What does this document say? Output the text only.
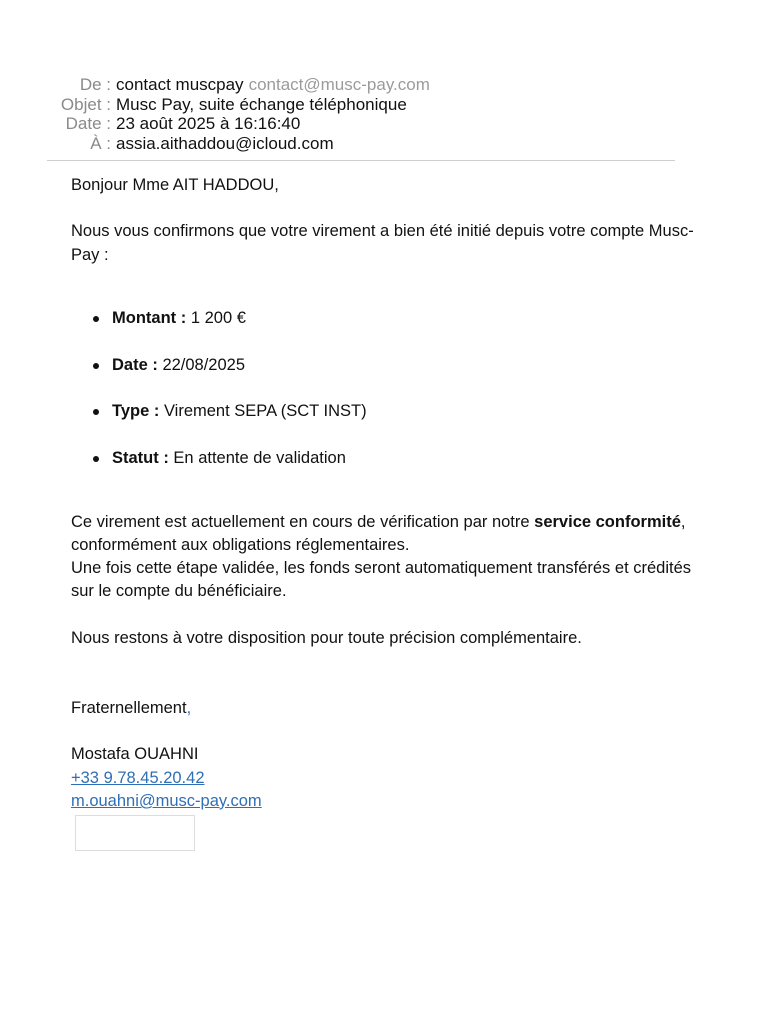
De : contact muscpay contact@musc-pay.com
Objet : Musc Pay, suite échange téléphonique
Date : 23 août 2025 à 16:16:40
À : assia.aithaddou@icloud.com

Bonjour Mme AIT HADDOU,

Nous vous confirmons que votre virement a bien été initié depuis votre compte Musc-Pay :

Montant : 1 200 €
Date : 22/08/2025
Type : Virement SEPA (SCT INST)
Statut : En attente de validation

Ce virement est actuellement en cours de vérification par notre service conformité, conformément aux obligations réglementaires.

Une fois cette étape validée, les fonds seront automatiquement transférés et crédités sur le compte du bénéficiaire.

Nous restons à votre disposition pour toute précision complémentaire.

Fraternellement,

Mostafa OUAHNI

+33 9.78.45.20.42

m.ouahni@musc-pay.com
